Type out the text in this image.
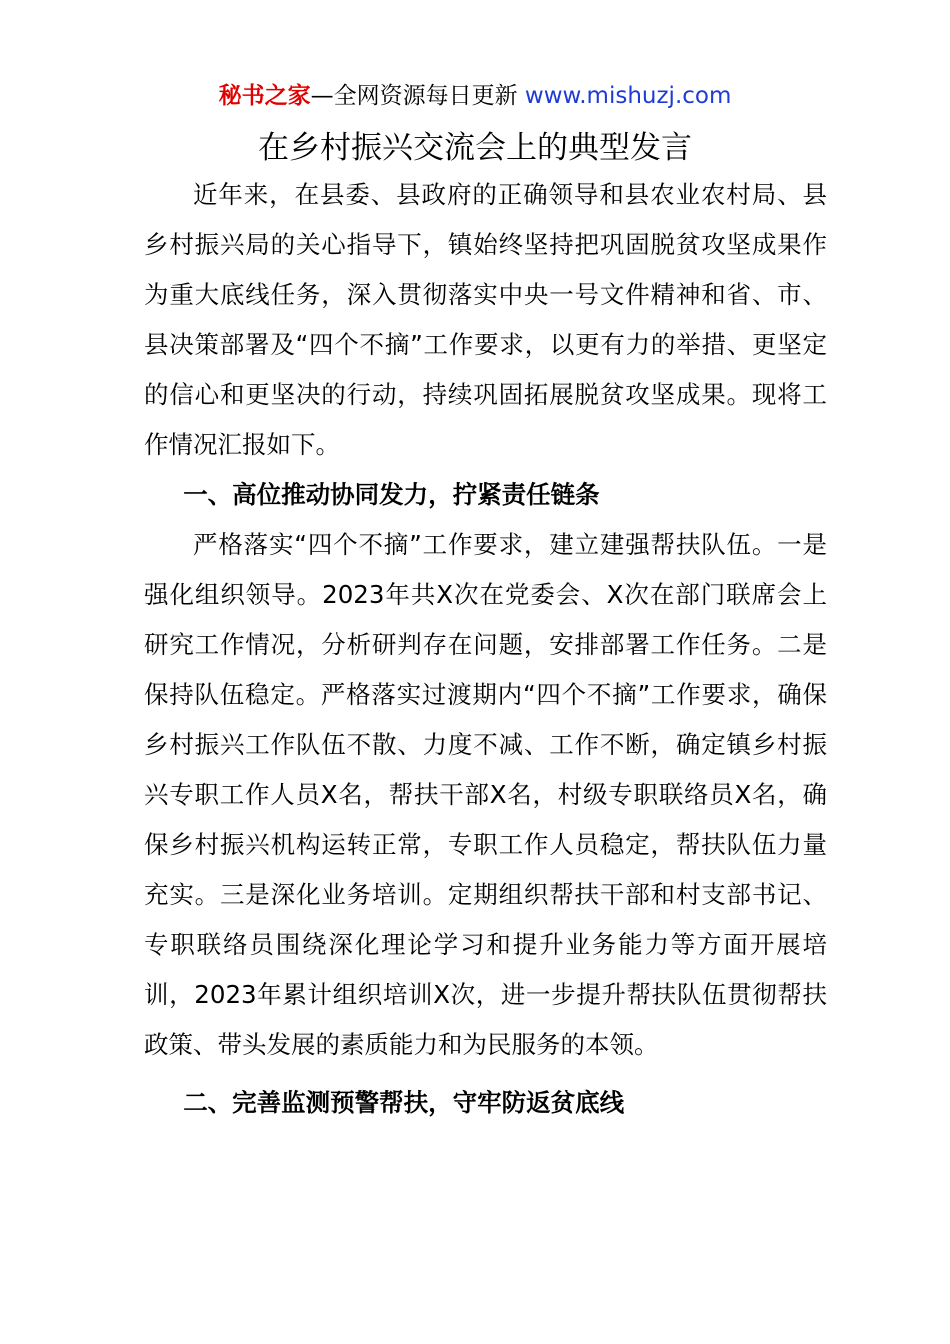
秘书之家—全网资源每日更新 www.mishuzj.com
在乡村振兴交流会上的典型发言

近年来，在县委、县政府的正确领导和县农业农村局、县乡村振兴局的关心指导下，镇始终坚持把巩固脱贫攻坚成果作为重大底线任务，深入贯彻落实中央一号文件精神和省、市、县决策部署及“四个不摘”工作要求，以更有力的举措、更坚定的信心和更坚决的行动，持续巩固拓展脱贫攻坚成果。现将工作情况汇报如下。

一、高位推动协同发力，拧紧责任链条

严格落实“四个不摘”工作要求，建立建强帮扶队伍。一是强化组织领导。2023年共X次在党委会、X次在部门联席会上研究工作情况，分析研判存在问题，安排部署工作任务。二是保持队伍稳定。严格落实过渡期内“四个不摘”工作要求，确保乡村振兴工作队伍不散、力度不减、工作不断，确定镇乡村振兴专职工作人员X名，帮扶干部X名，村级专职联络员X名，确保乡村振兴机构运转正常，专职工作人员稳定，帮扶队伍力量充实。三是深化业务培训。定期组织帮扶干部和村支部书记、专职联络员围绕深化理论学习和提升业务能力等方面开展培训，2023年累计组织培训X次，进一步提升帮扶队伍贯彻帮扶政策、带头发展的素质能力和为民服务的本领。

二、完善监测预警帮扶，守牢防返贫底线
